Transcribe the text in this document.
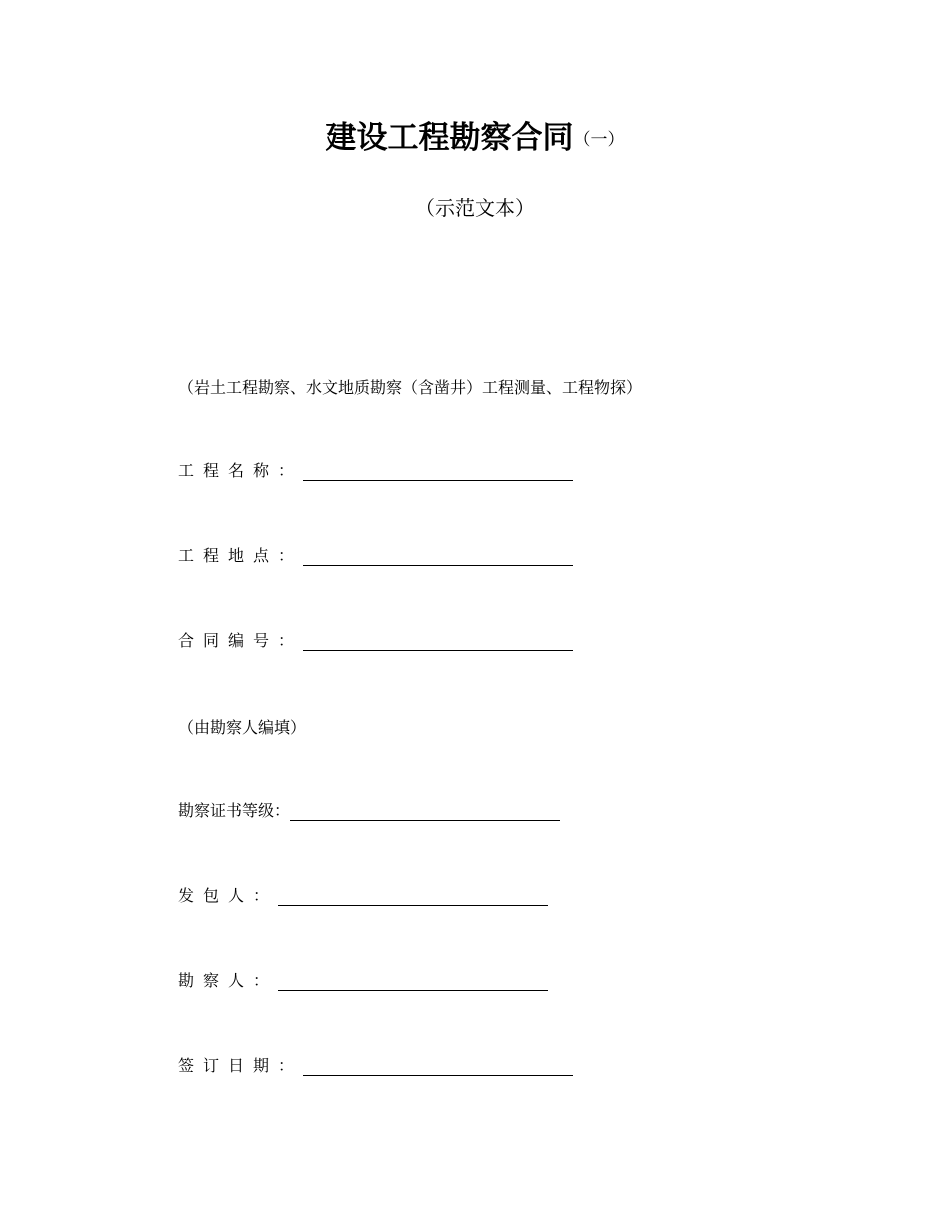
建设工程勘察合同（一）
（示范文本）
（岩土工程勘察、水文地质勘察（含凿井）工程测量、工程物探）
工程名称：
工程地点：
合同编号：
（由勘察人编填）
勘察证书等级：
发包人：
勘察人：
签订日期：
